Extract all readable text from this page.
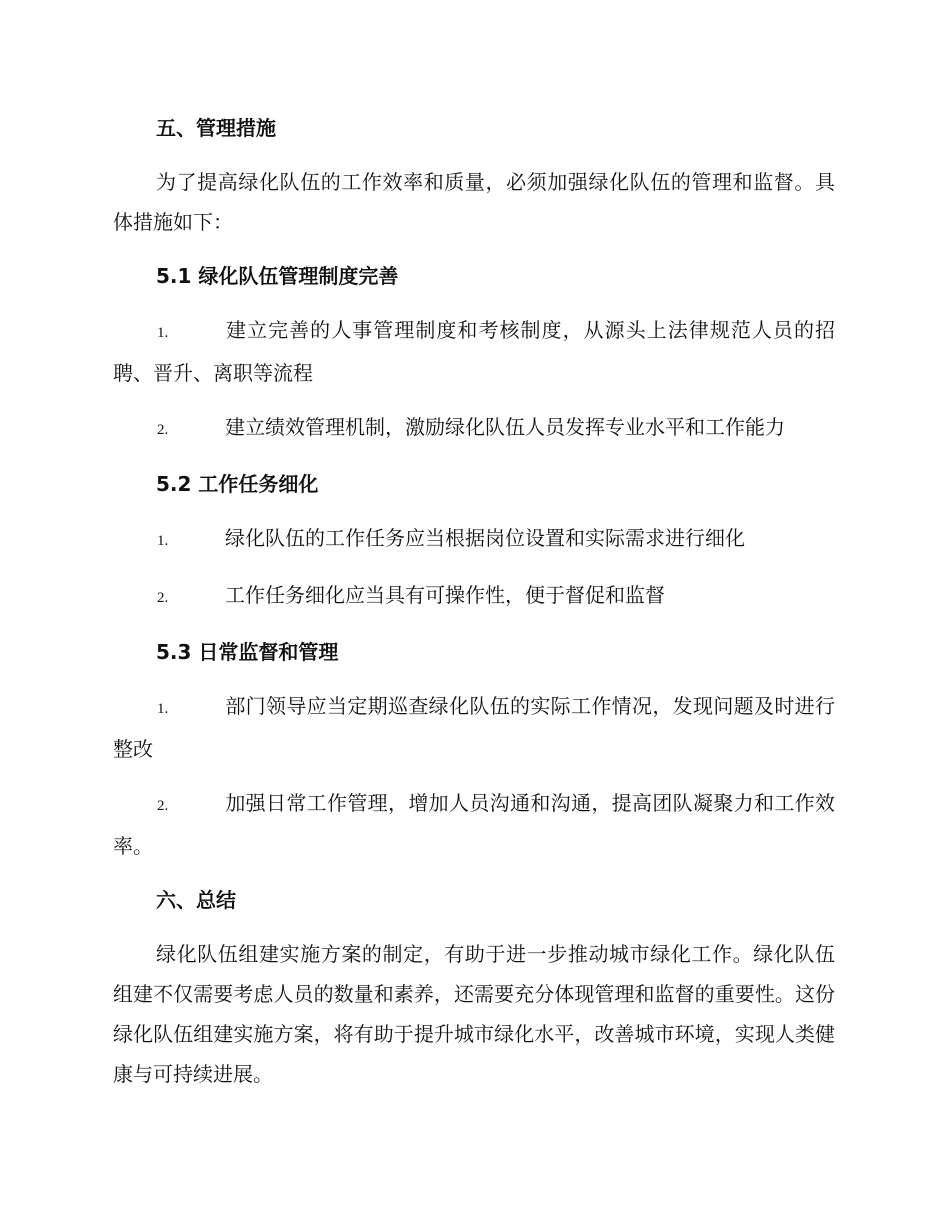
五、管理措施

为了提高绿化队伍的工作效率和质量，必须加强绿化队伍的管理和监督。具体措施如下：

5.1 绿化队伍管理制度完善

1.	建立完善的人事管理制度和考核制度，从源头上法律规范人员的招聘、晋升、离职等流程

2.	建立绩效管理机制，激励绿化队伍人员发挥专业水平和工作能力

5.2 工作任务细化

1.	绿化队伍的工作任务应当根据岗位设置和实际需求进行细化

2.	工作任务细化应当具有可操作性，便于督促和监督

5.3 日常监督和管理

1.	部门领导应当定期巡查绿化队伍的实际工作情况，发现问题及时进行整改

2.	加强日常工作管理，增加人员沟通和沟通，提高团队凝聚力和工作效率。

六、总结

绿化队伍组建实施方案的制定，有助于进一步推动城市绿化工作。绿化队伍组建不仅需要考虑人员的数量和素养，还需要充分体现管理和监督的重要性。这份绿化队伍组建实施方案，将有助于提升城市绿化水平，改善城市环境，实现人类健康与可持续进展。
